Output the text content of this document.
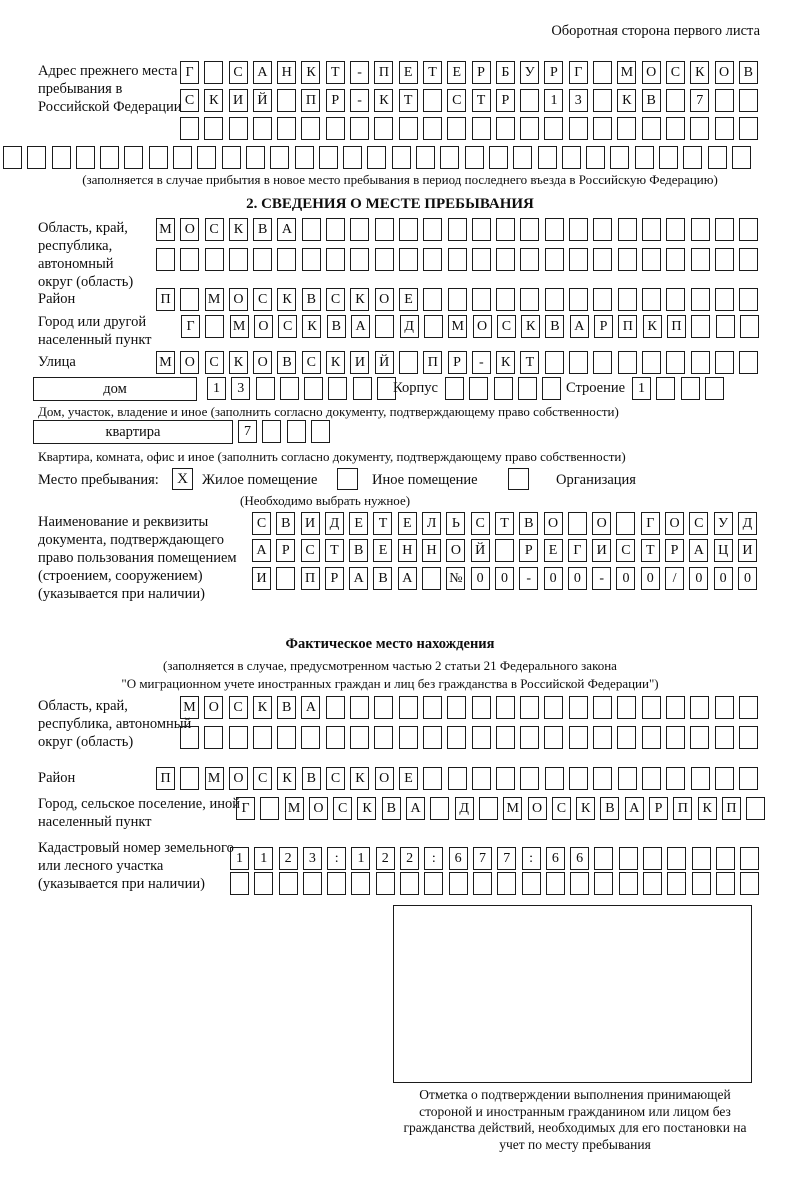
Оборотная сторона первого листа
Адрес прежнего места пребывания в Российской Федерации
Г	С	А	Н	К	Т	-	П	Е	Т	Е	Р	Б	У	Р	Г	М О	С	К	О	В
С	К	И	Й	П	Р	-	К	Т	С	Т	Р	1	3	К	В	7
(заполняется в случае прибытия в новое место пребывания в период последнего въезда в Российскую Федерацию)
2. СВЕДЕНИЯ О МЕСТЕ ПРЕБЫВАНИЯ
Область, край, республика, автономный округ (область)
М О	С	К	В	А
Район	П	М О	С	К	В	С	К	О	Е
Город или другой населенный пункт
Г	М О	С	К	В	А	Д	М О	С	К	В	А	Р	П	К	П
Улица	М О	С	К	О	В	С	К	И	Й	П	Р	-	К	Т
дом	1	3	Корпус	Строение 1
Дом, участок, владение и иное (заполнить согласно документу, подтверждающему право собственности)
квартира	7
Квартира, комната, офис и иное (заполнить согласно документу, подтверждающему право собственности)
Место пребывания:	X Жилое помещение	Иное помещение	Организация
(Необходимо выбрать нужное)
Наименование и реквизиты документа, подтверждающего право пользования помещением (строением, сооружением) (указывается при наличии)
С	В	И	Д	Е	Т	Е	Л	Ь	С	Т	В	О	О	Г	О	С	У	Д
А	Р	С	Т	В	Е	Н	Н	О	Й	Р	Е	Г	И	С	Т	Р	А	Ц	И
И	П	Р	А	В	А	№	0	0	-	0	0	-	0	0	/	0	0	0
Фактическое место нахождения
(заполняется в случае, предусмотренном частью 2 статьи 21 Федерального закона
"О миграционном учете иностранных граждан и лиц без гражданства в Российской Федерации")
Область, край, республика, автономный округ (область)
М О	С	К	В	А
Район	П	М О	С	К	В	С	К	О	Е
Город, сельское поселение, иной населенный пункт
Г	М О	С	К	В	А	Д	М О	С	К	В	А	Р	П	К	П
Кадастровый номер земельного или лесного участка (указывается при наличии)
1	1	2	3	:	1	2	2	:	6	7	7	:	6	6
Отметка о подтверждении выполнения принимающей стороной и иностранным гражданином или лицом без гражданства действий, необходимых для его постановки на учет по месту пребывания
